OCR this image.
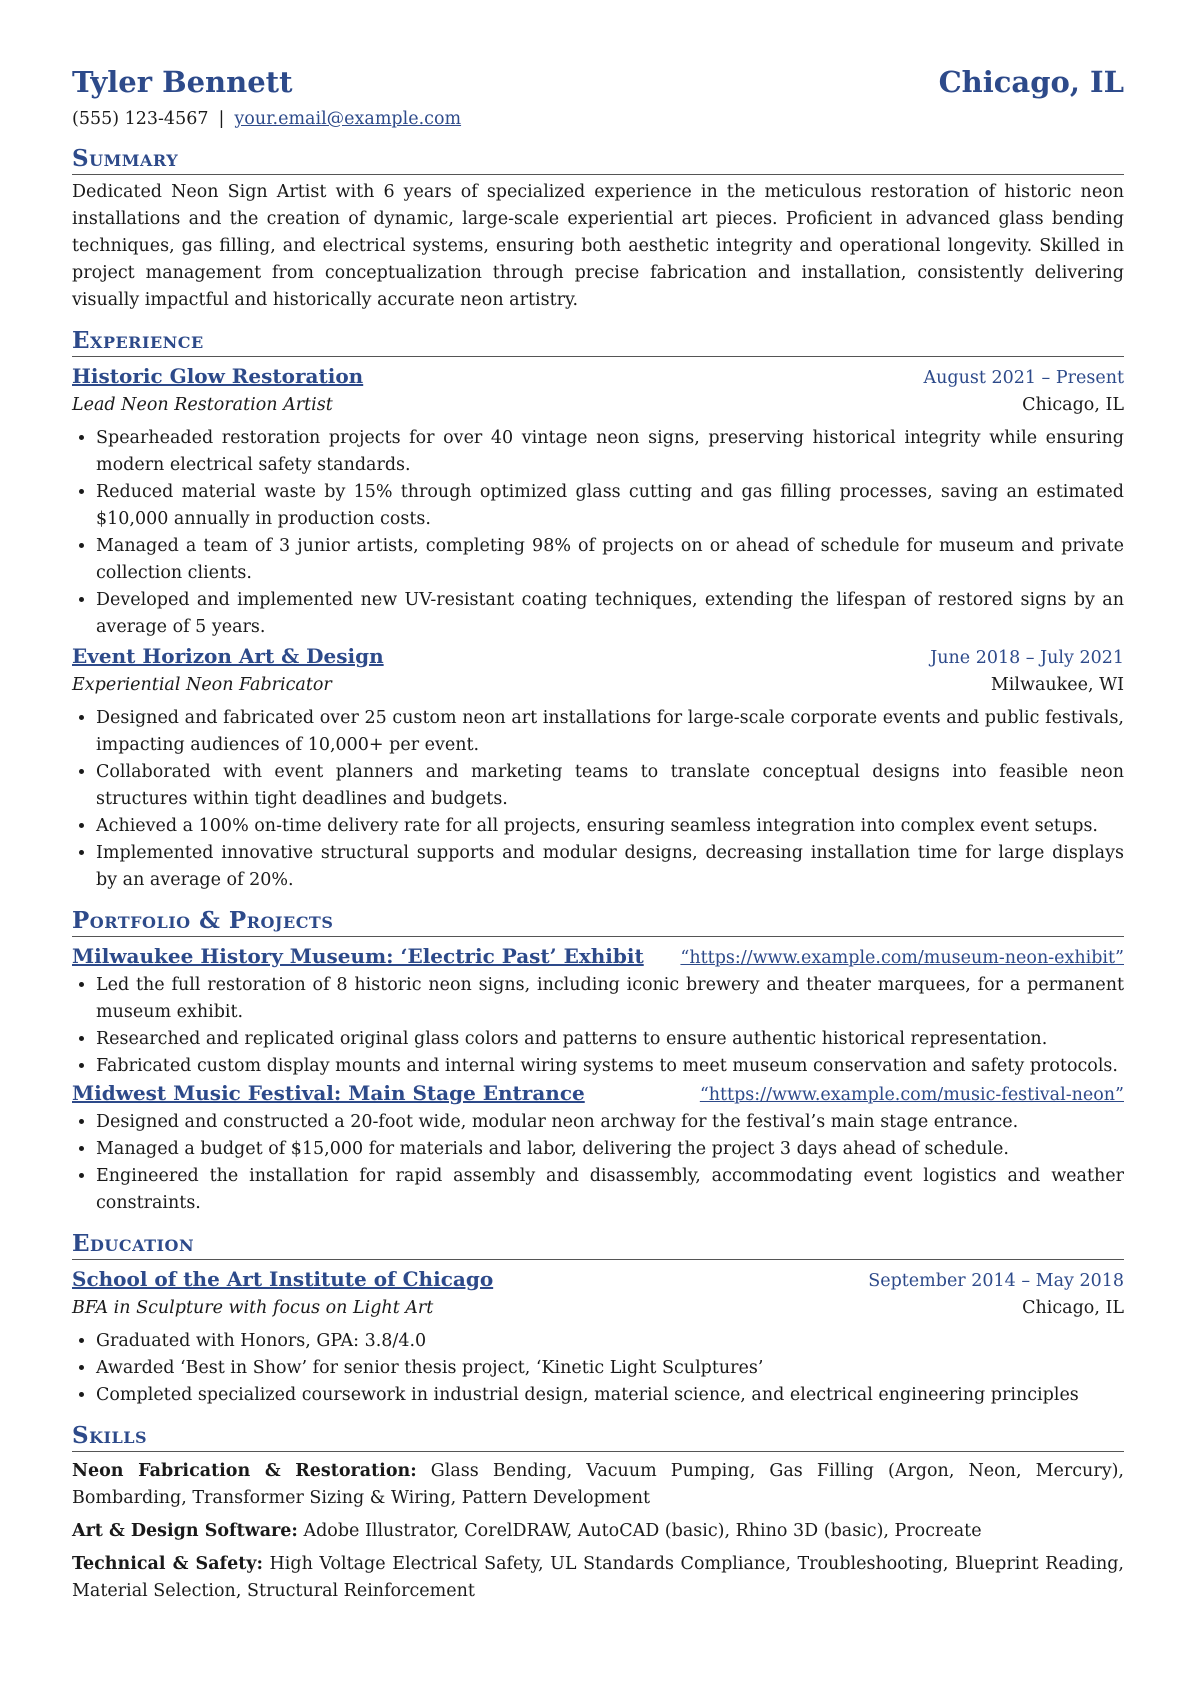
Tyler Bennett	Chicago, IL
(555) 123-4567 | your.email@example.com
Summary
Dedicated Neon Sign Artist with 6 years of specialized experience in the meticulous restoration of historic neon installations and the creation of dynamic, large-scale experiential art pieces. Proficient in advanced glass bending techniques, gas filling, and electrical systems, ensuring both aesthetic integrity and operational longevity. Skilled in project management from conceptualization through precise fabrication and installation, consistently delivering visually impactful and historically accurate neon artistry.
Experience
Historic Glow Restoration	August 2021 – Present
Lead Neon Restoration Artist	Chicago, IL
• Spearheaded restoration projects for over 40 vintage neon signs, preserving historical integrity while ensuring modern electrical safety standards.
• Reduced material waste by 15% through optimized glass cutting and gas filling processes, saving an estimated $10,000 annually in production costs.
• Managed a team of 3 junior artists, completing 98% of projects on or ahead of schedule for museum and private collection clients.
• Developed and implemented new UV-resistant coating techniques, extending the lifespan of restored signs by an average of 5 years.
Event Horizon Art & Design	June 2018 – July 2021
Experiential Neon Fabricator	Milwaukee, WI
• Designed and fabricated over 25 custom neon art installations for large-scale corporate events and public festivals, impacting audiences of 10,000+ per event.
• Collaborated with event planners and marketing teams to translate conceptual designs into feasible neon structures within tight deadlines and budgets.
• Achieved a 100% on-time delivery rate for all projects, ensuring seamless integration into complex event setups.
• Implemented innovative structural supports and modular designs, decreasing installation time for large displays by an average of 20%.
Portfolio & Projects
Milwaukee History Museum: ‘Electric Past’ Exhibit “https://www.example.com/museum-neon-exhibit”
• Led the full restoration of 8 historic neon signs, including iconic brewery and theater marquees, for a permanent museum exhibit.
• Researched and replicated original glass colors and patterns to ensure authentic historical representation.
• Fabricated custom display mounts and internal wiring systems to meet museum conservation and safety protocols.
Midwest Music Festival: Main Stage Entrance	“https://www.example.com/music-festival-neon”
• Designed and constructed a 20-foot wide, modular neon archway for the festival’s main stage entrance.
• Managed a budget of $15,000 for materials and labor, delivering the project 3 days ahead of schedule.
• Engineered the installation for rapid assembly and disassembly, accommodating event logistics and weather constraints.
Education
School of the Art Institute of Chicago	September 2014 – May 2018
BFA in Sculpture with focus on Light Art	Chicago, IL
• Graduated with Honors, GPA: 3.8/4.0
• Awarded ‘Best in Show’ for senior thesis project, ‘Kinetic Light Sculptures’
• Completed specialized coursework in industrial design, material science, and electrical engineering principles
Skills
Neon Fabrication & Restoration: Glass Bending, Vacuum Pumping, Gas Filling (Argon, Neon, Mercury), Bombarding, Transformer Sizing & Wiring, Pattern Development
Art & Design Software: Adobe Illustrator, CorelDRAW, AutoCAD (basic), Rhino 3D (basic), Procreate
Technical & Safety: High Voltage Electrical Safety, UL Standards Compliance, Troubleshooting, Blueprint Reading, Material Selection, Structural Reinforcement
